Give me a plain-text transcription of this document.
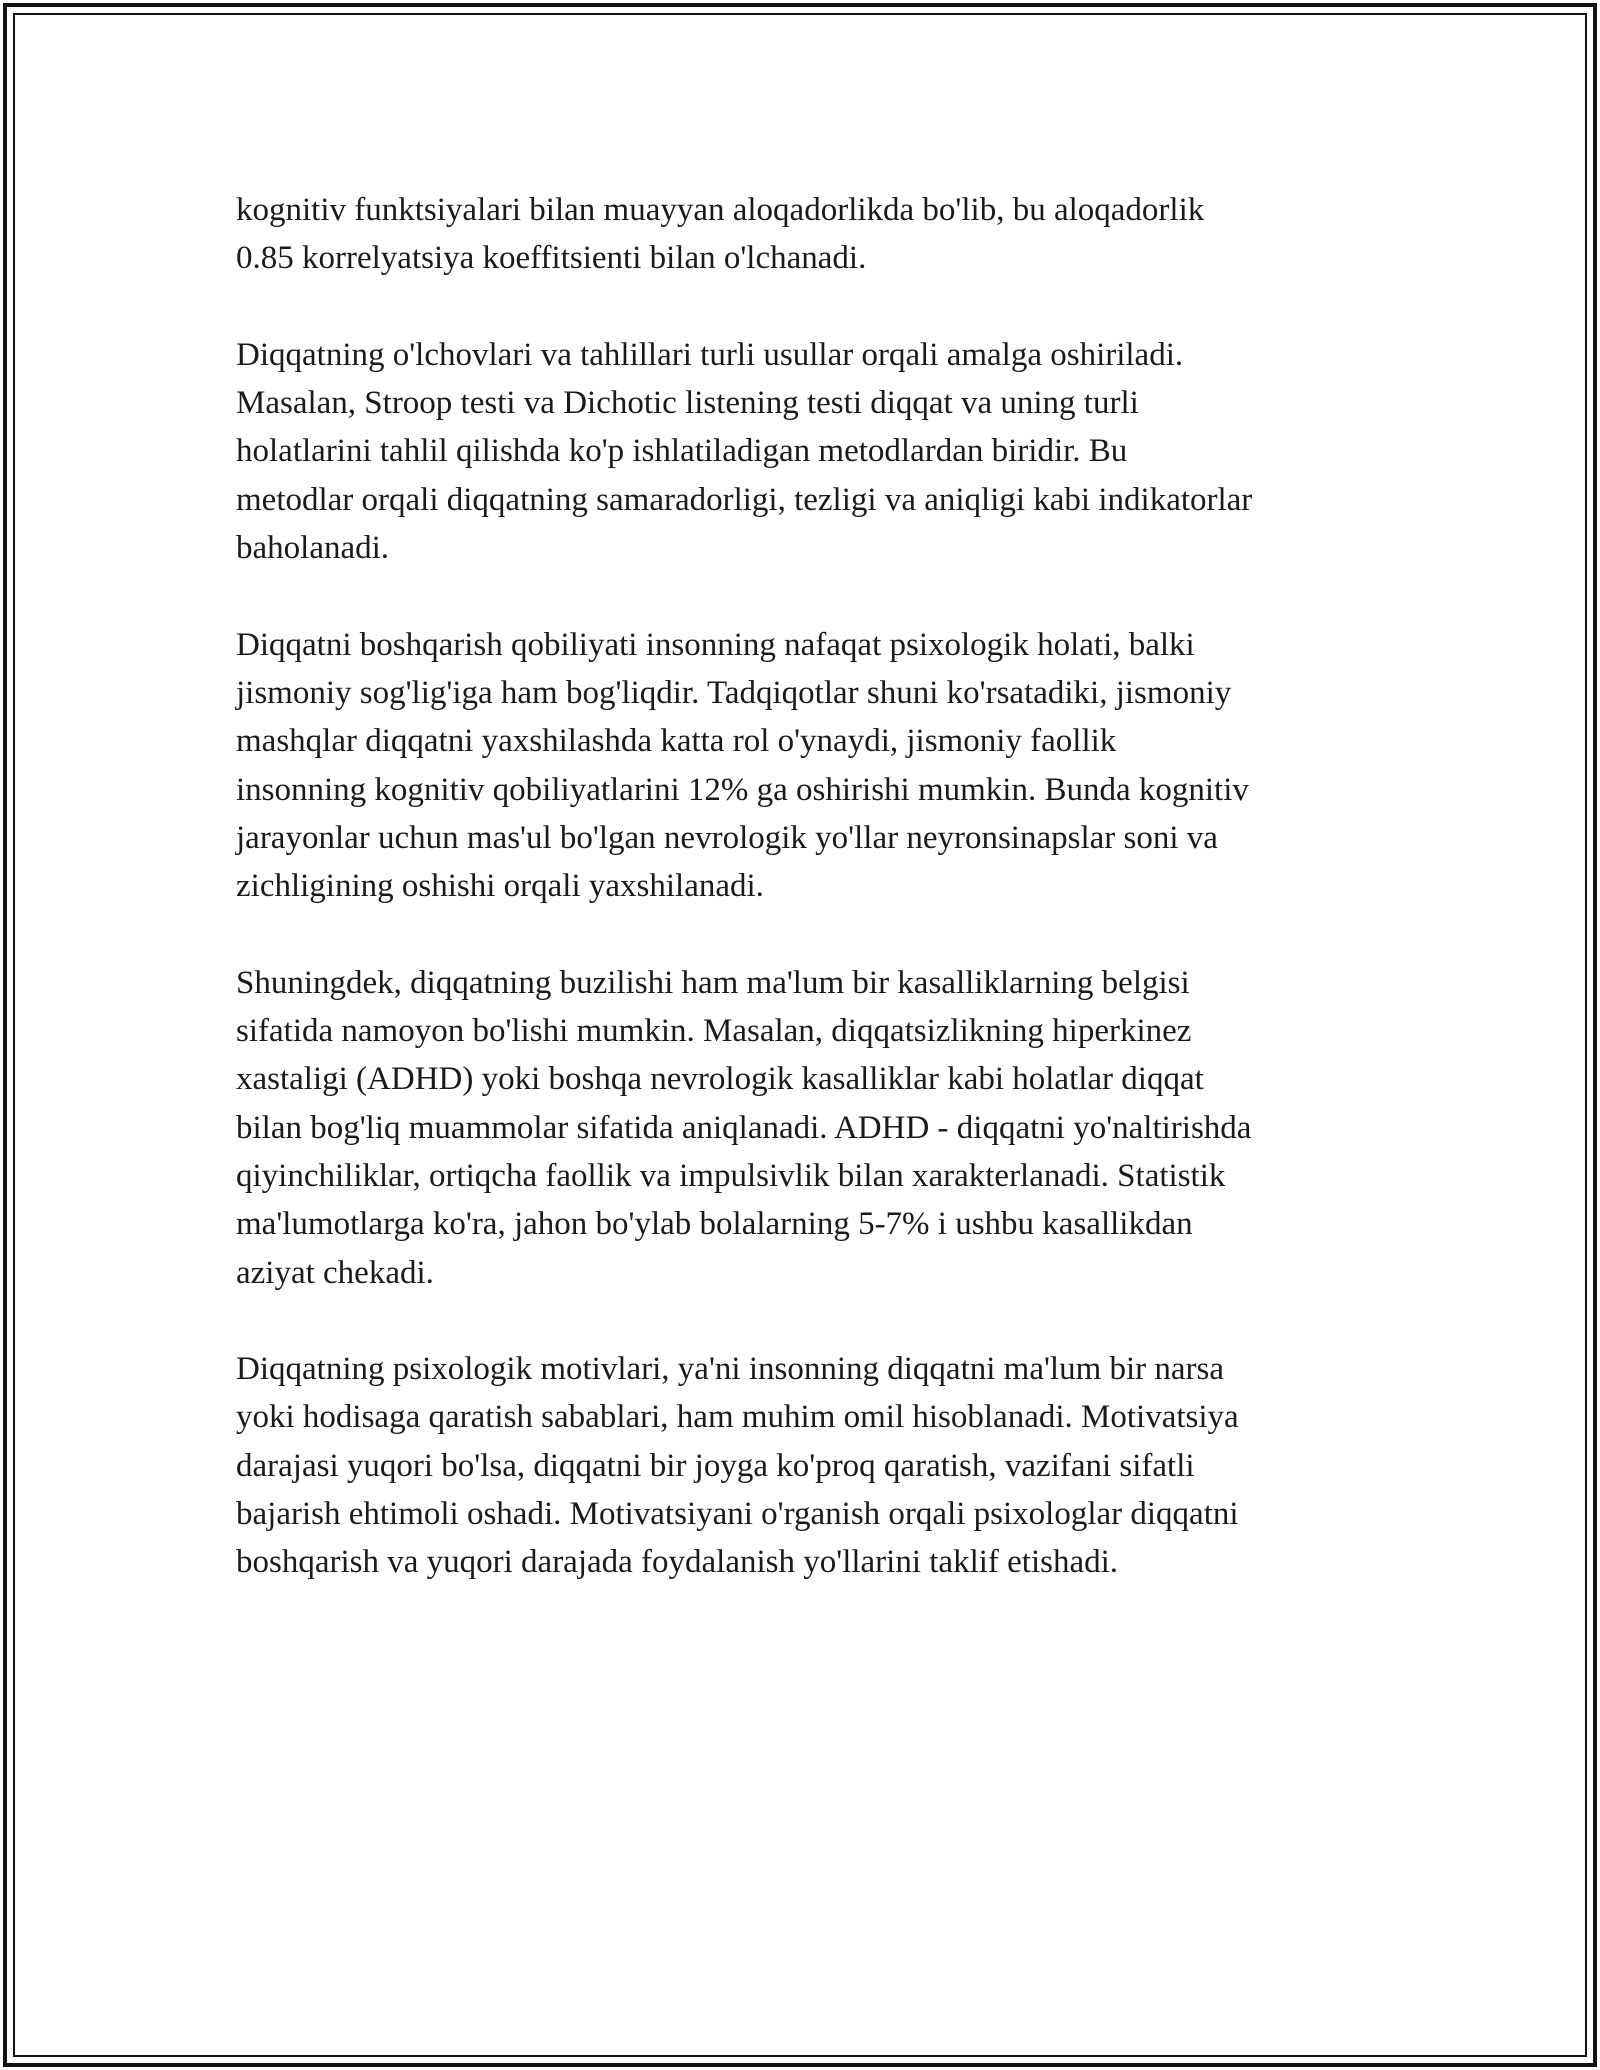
kognitiv funktsiyalari bilan muayyan aloqadorlikda bo'lib, bu aloqadorlik
0.85 korrelyatsiya koeffitsienti bilan o'lchanadi.

Diqqatning o'lchovlari va tahlillari turli usullar orqali amalga oshiriladi.
Masalan, Stroop testi va Dichotic listening testi diqqat va uning turli
holatlarini tahlil qilishda ko'p ishlatiladigan metodlardan biridir. Bu
metodlar orqali diqqatning samaradorligi, tezligi va aniqligi kabi indikatorlar
baholanadi.

Diqqatni boshqarish qobiliyati insonning nafaqat psixologik holati, balki
jismoniy sog'lig'iga ham bog'liqdir. Tadqiqotlar shuni ko'rsatadiki, jismoniy
mashqlar diqqatni yaxshilashda katta rol o'ynaydi, jismoniy faollik
insonning kognitiv qobiliyatlarini 12% ga oshirishi mumkin. Bunda kognitiv
jarayonlar uchun mas'ul bo'lgan nevrologik yo'llar neyronsinapslar soni va
zichligining oshishi orqali yaxshilanadi.

Shuningdek, diqqatning buzilishi ham ma'lum bir kasalliklarning belgisi
sifatida namoyon bo'lishi mumkin. Masalan, diqqatsizlikning hiperkinez
xastaligi (ADHD) yoki boshqa nevrologik kasalliklar kabi holatlar diqqat
bilan bog'liq muammolar sifatida aniqlanadi. ADHD - diqqatni yo'naltirishda
qiyinchiliklar, ortiqcha faollik va impulsivlik bilan xarakterlanadi. Statistik
ma'lumotlarga ko'ra, jahon bo'ylab bolalarning 5-7% i ushbu kasallikdan
aziyat chekadi.

Diqqatning psixologik motivlari, ya'ni insonning diqqatni ma'lum bir narsa
yoki hodisaga qaratish sabablari, ham muhim omil hisoblanadi. Motivatsiya
darajasi yuqori bo'lsa, diqqatni bir joyga ko'proq qaratish, vazifani sifatli
bajarish ehtimoli oshadi. Motivatsiyani o'rganish orqali psixologlar diqqatni
boshqarish va yuqori darajada foydalanish yo'llarini taklif etishadi.
